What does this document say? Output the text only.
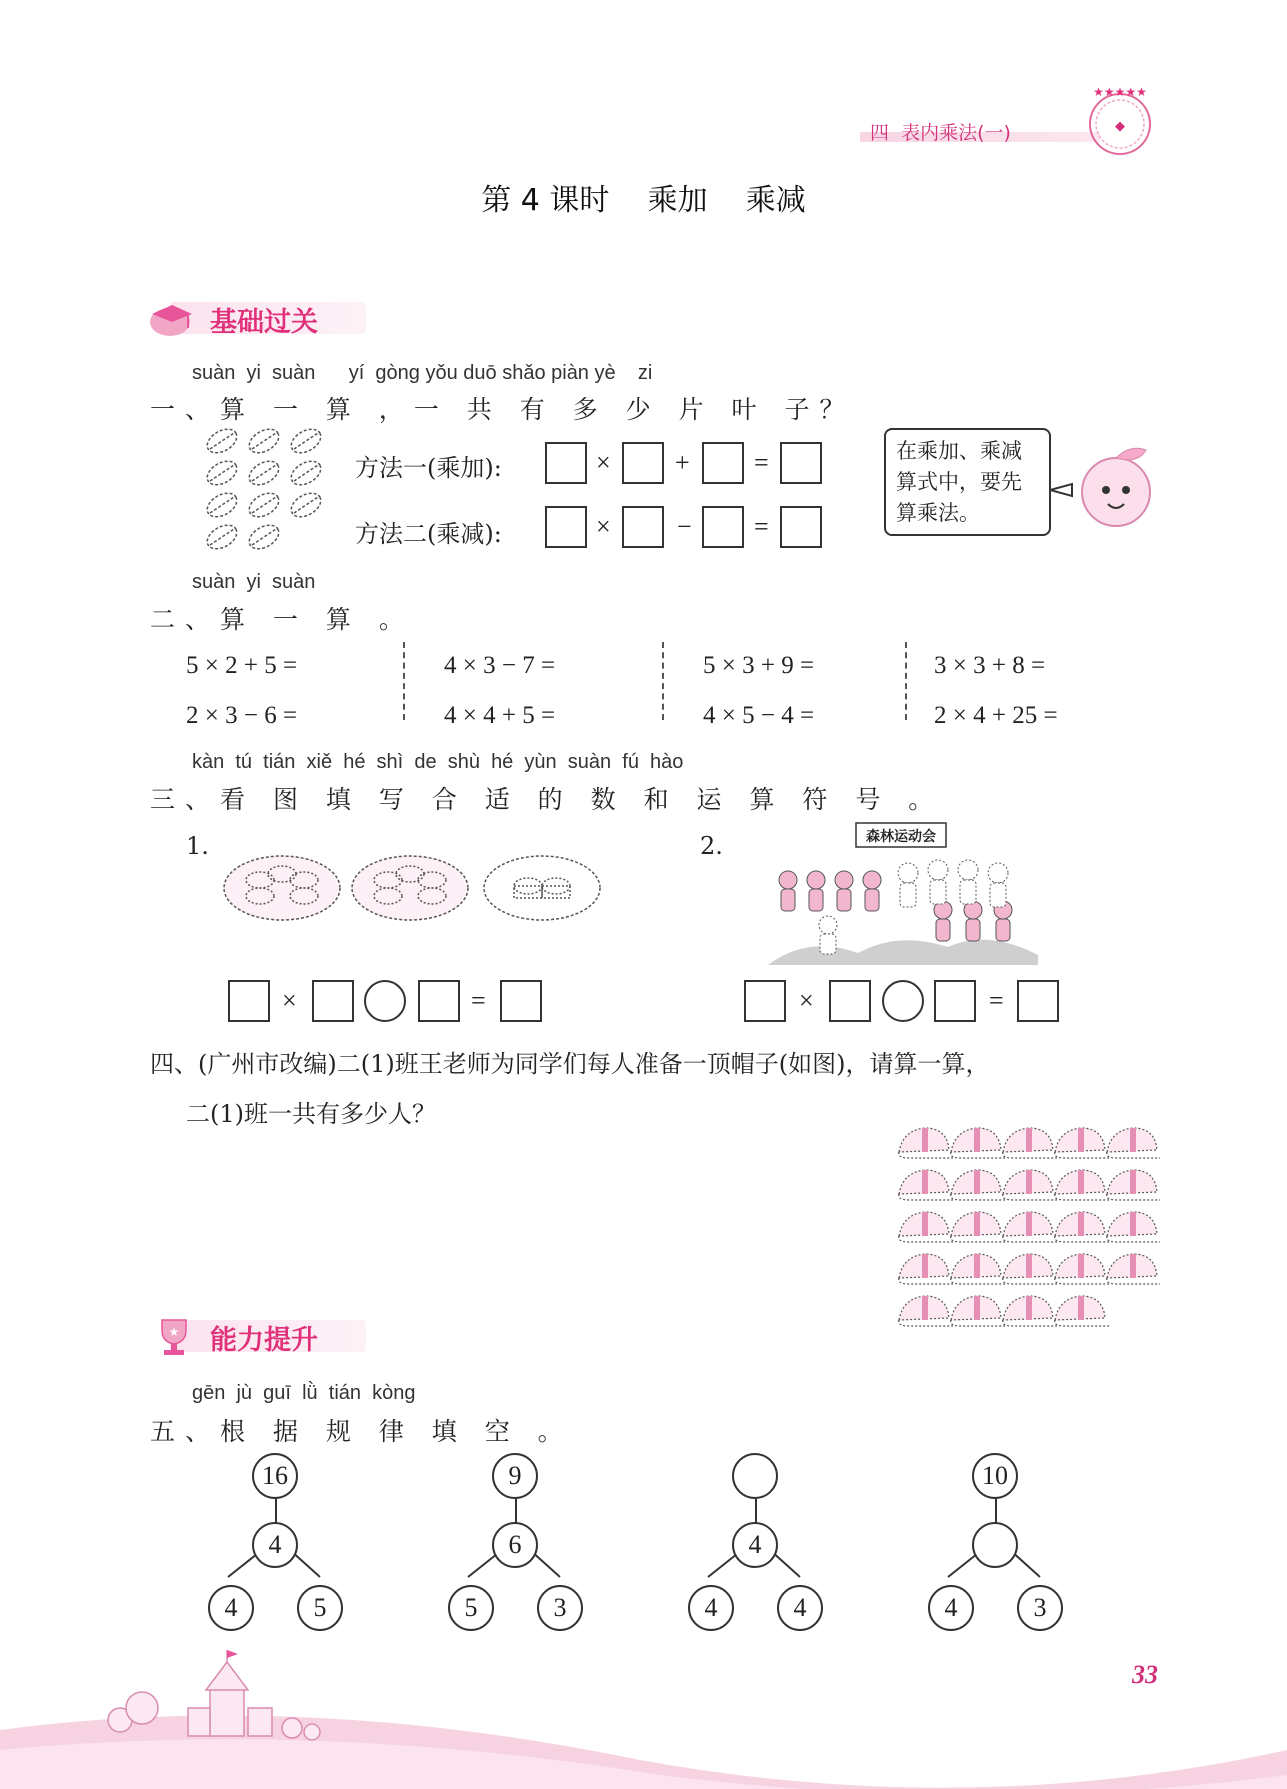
四  表内乘法(一)
★★★★★
◆
第 4 课时    乘加    乘减
基础过关
suàn  yi  suàn      yí  gòng yǒu duō shǎo piàn yè    zi
一、算 一 算 ，一 共 有 多 少 片 叶 子？
方法一(乘加):	× + =
方法二(乘减):	×	− =
在乘加、乘减算式中，要先算乘法。
suàn  yi  suàn
二、算 一 算 。
5 × 2 + 5 =	4 × 3 − 7 =	5 × 3 + 9 =	3 × 3 + 8 =
2 × 3 − 6 =	4 × 4 + 5 =	4 × 5 − 4 =	2 × 4 + 25 =
kàn  tú  tián  xiě  hé  shì  de  shù  hé  yùn  suàn  fú  hào
三、看 图 填 写 合 适 的 数 和 运 算 符 号 。
1.	2.	森林运动会
×	=	×	=
四、(广州市改编)二(1)班王老师为同学们每人准备一顶帽子(如图)，请算一算，
二(1)班一共有多少人？
★ 能力提升
gēn  jù  guī  lǜ  tián  kòng
五、根 据 规 律 填 空 。
16
4
4	5
9
6
5	3
4
4	4
10
4	3
33
